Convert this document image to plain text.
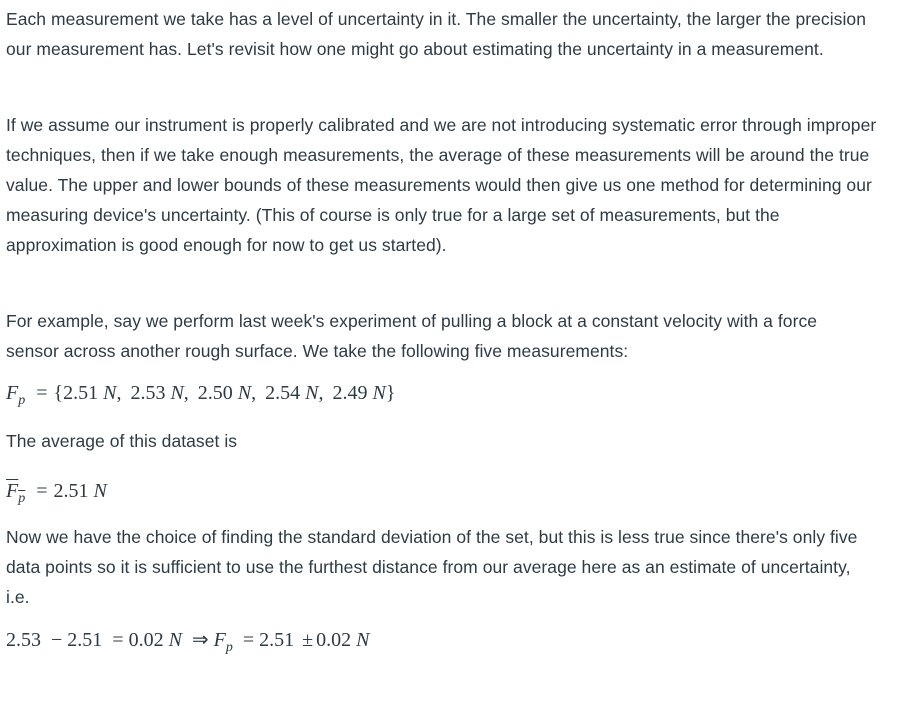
Each measurement we take has a level of uncertainty in it. The smaller the uncertainty, the larger the precision our measurement has. Let's revisit how one might go about estimating the uncertainty in a measurement.

If we assume our instrument is properly calibrated and we are not introducing systematic error through improper techniques, then if we take enough measurements, the average of these measurements will be around the true value. The upper and lower bounds of these measurements would then give us one method for determining our measuring device's uncertainty. (This of course is only true for a large set of measurements, but the approximation is good enough for now to get us started).

For example, say we perform last week's experiment of pulling a block at a constant velocity with a force sensor across another rough surface. We take the following five measurements:

$F_p = \{2.51$ N, 2.53 N, 2.50 N, 2.54 N, 2.49 N}

The average of this dataset is

$F_p = 2.51$ N

Now we have the choice of finding the standard deviation of the set, but this is less true since there's only five data points so it is sufficient to use the furthest distance from our average here as an estimate of uncertainty, i.e.

2.53 − 2.51 = 0.02 N ⇒ $F_p = 2.51 \pm 0.02$ N
